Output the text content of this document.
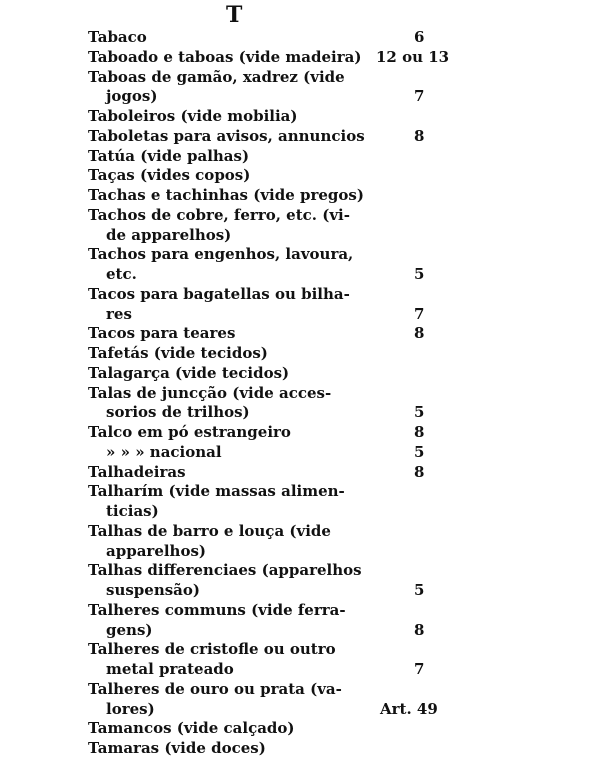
T
Tabaco	6
Taboado e taboas (vide madeira) 12 ou 13
Taboas de gamão, xadrez (vide
jogos)	7
Taboleiros (vide mobilia)
Taboletas para avisos, annuncios	8
Tatúa (vide palhas)
Taças (vides copos)
Tachas e tachinhas (vide pregos)
Tachos de cobre, ferro, etc. (vi-
de apparelhos)
Tachos para engenhos, lavoura,
etc.	5
Tacos para bagatellas ou bilha-
res	7
Tacos para teares	8
Tafetás (vide tecidos)
Talagarça (vide tecidos)
Talas de juncção (vide acces-
sorios de trilhos)	5
Talco em pó estrangeiro	8
» » » nacional	5
Talhadeiras	8
Talharím (vide massas alimen-
ticias)
Talhas de barro e louça (vide
apparelhos)
Talhas differenciaes (apparelhos
suspensão)	5
Talheres communs (vide ferra-
gens)	8
Talheres de cristofle ou outro
metal prateado	7
Talheres de ouro ou prata (va-
lores)	Art. 49
Tamancos (vide calçado)
Tamaras (vide doces)
